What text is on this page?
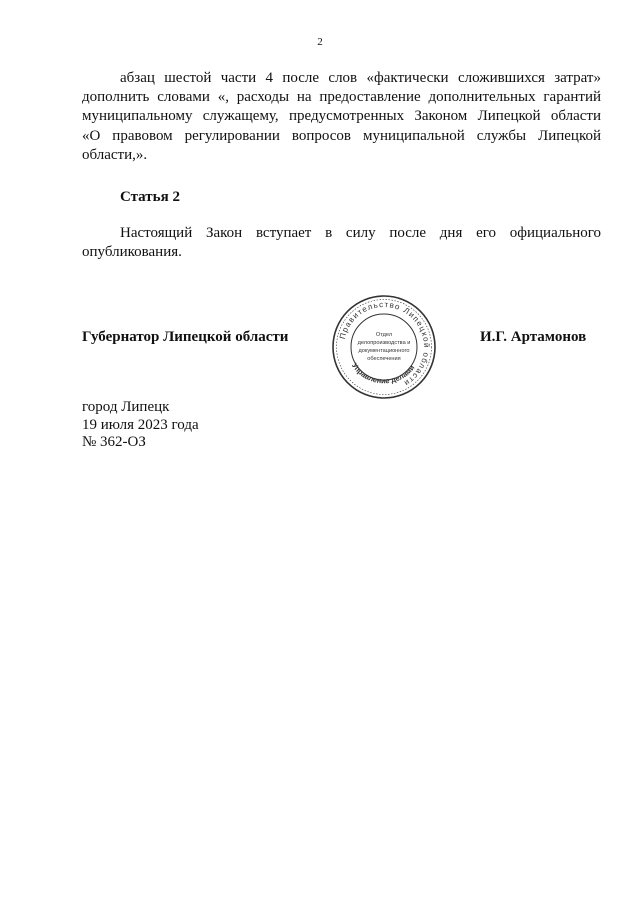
2
абзац шестой части 4 после слов «фактически сложившихся затрат»
дополнить словами «, расходы на предоставление дополнительных гарантий
муниципальному служащему, предусмотренных Законом Липецкой области
«О правовом регулировании вопросов муниципальной службы Липецкой
области,».
Статья 2
Настоящий Закон вступает в силу после дня его официального
опубликования.
Губернатор Липецкой области	И.Г. Артамонов
Правительство Липецкой области
Управление делами
Отдел
делопроизводства и
документационного
обеспечения
город Липецк
19 июля 2023 года
№ 362-ОЗ
